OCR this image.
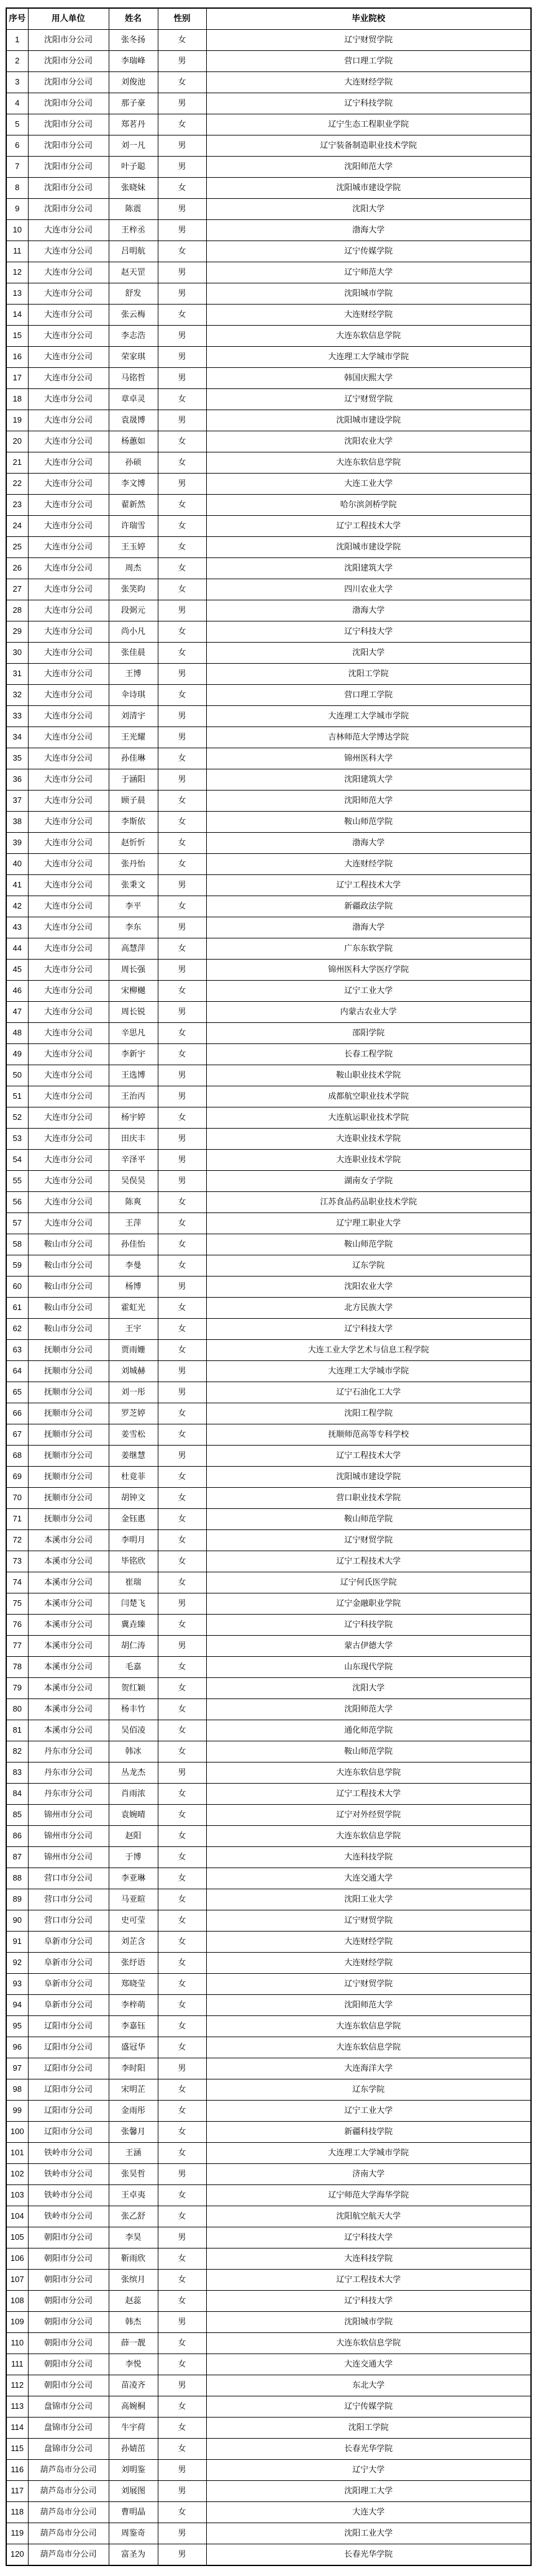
序号	用人单位	姓名	性别	毕业院校
1	沈阳市分公司	张冬扬	女	辽宁财贸学院
2	沈阳市分公司	李瑞峰	男	营口理工学院
3	沈阳市分公司	刘俊池	女	大连财经学院
4	沈阳市分公司	那子豪	男	辽宁科技学院
5	沈阳市分公司	郑茗丹	女	辽宁生态工程职业学院
6	沈阳市分公司	刘一凡	男	辽宁装备制造职业技术学院
7	沈阳市分公司	叶子聪	男	沈阳师范大学
8	沈阳市分公司	张晓妹	女	沈阳城市建设学院
9	沈阳市分公司	陈震	男	沈阳大学
10	大连市分公司	王梓丞	男	渤海大学
11	大连市分公司	吕明航	女	辽宁传媒学院
12	大连市分公司	赵天罡	男	辽宁师范大学
13	大连市分公司	舒发	男	沈阳城市学院
14	大连市分公司	张云梅	女	大连财经学院
15	大连市分公司	李志浩	男	大连东软信息学院
16	大连市分公司	荣家琪	男	大连理工大学城市学院
17	大连市分公司	马铭哲	男	韩国庆熙大学
18	大连市分公司	章卓灵	女	辽宁财贸学院
19	大连市分公司	袁晟博	男	沈阳城市建设学院
20	大连市分公司	杨蕙如	女	沈阳农业大学
21	大连市分公司	孙硕	女	大连东软信息学院
22	大连市分公司	李文博	男	大连工业大学
23	大连市分公司	翟新然	女	哈尔滨剑桥学院
24	大连市分公司	许瑞雪	女	辽宁工程技术大学
25	大连市分公司	王玉婷	女	沈阳城市建设学院
26	大连市分公司	周杰	女	沈阳建筑大学
27	大连市分公司	张笑昀	女	四川农业大学
28	大连市分公司	段弼元	男	渤海大学
29	大连市分公司	尚小凡	女	辽宁科技大学
30	大连市分公司	张佳晨	女	沈阳大学
31	大连市分公司	王博	男	沈阳工学院
32	大连市分公司	伞诗琪	女	营口理工学院
33	大连市分公司	刘清宇	男	大连理工大学城市学院
34	大连市分公司	王光耀	男	吉林师范大学博达学院
35	大连市分公司	孙佳琳	女	锦州医科大学
36	大连市分公司	于涵阳	男	沈阳建筑大学
37	大连市分公司	顾子晨	女	沈阳师范大学
38	大连市分公司	李斯依	女	鞍山师范学院
39	大连市分公司	赵忻忻	女	渤海大学
40	大连市分公司	张丹怡	女	大连财经学院
41	大连市分公司	张秉文	男	辽宁工程技术大学
42	大连市分公司	李平	女	新疆政法学院
43	大连市分公司	李东	男	渤海大学
44	大连市分公司	高慧萍	女	广东东软学院
45	大连市分公司	周长强	男	锦州医科大学医疗学院
46	大连市分公司	宋柳樾	女	辽宁工业大学
47	大连市分公司	周长锐	男	内蒙古农业大学
48	大连市分公司	辛思凡	女	邵阳学院
49	大连市分公司	李新宇	女	长春工程学院
50	大连市分公司	王选博	男	鞍山职业技术学院
51	大连市分公司	王治丙	男	成都航空职业技术学院
52	大连市分公司	杨宇婷	女	大连航运职业技术学院
53	大连市分公司	田庆丰	男	大连职业技术学院
54	大连市分公司	辛泽平	男	大连职业技术学院
55	大连市分公司	吴俣昊	男	湖南女子学院
56	大连市分公司	陈爽	女	江苏食品药品职业技术学院
57	大连市分公司	王萍	女	辽宁理工职业大学
58	鞍山市分公司	孙佳怡	女	鞍山师范学院
59	鞍山市分公司	李曼	女	辽东学院
60	鞍山市分公司	杨博	男	沈阳农业大学
61	鞍山市分公司	霍虹光	女	北方民族大学
62	鞍山市分公司	王宇	女	辽宁科技大学
63	抚顺市分公司	贾雨姗	女	大连工业大学艺术与信息工程学院
64	抚顺市分公司	刘城赫	男	大连理工大学城市学院
65	抚顺市分公司	刘一彤	男	辽宁石油化工大学
66	抚顺市分公司	罗芝婷	女	沈阳工程学院
67	抚顺市分公司	姜雪松	女	抚顺师范高等专科学校
68	抚顺市分公司	姜继慧	男	辽宁工程技术大学
69	抚顺市分公司	杜竟菲	女	沈阳城市建设学院
70	抚顺市分公司	胡钟文	女	营口职业技术学院
71	抚顺市分公司	金钰惠	女	鞍山师范学院
72	本溪市分公司	李明月	女	辽宁财贸学院
73	本溪市分公司	毕铭欣	女	辽宁工程技术大学
74	本溪市分公司	崔瑞	女	辽宁何氏医学院
75	本溪市分公司	闫楚飞	男	辽宁金融职业学院
76	本溪市分公司	冀垚臻	女	辽宁科技学院
77	本溪市分公司	胡仁涛	男	蒙古伊德大学
78	本溪市分公司	毛嘉	女	山东现代学院
79	本溪市分公司	贺红颖	女	沈阳大学
80	本溪市分公司	杨丰竹	女	沈阳师范大学
81	本溪市分公司	吴佰凌	女	通化师范学院
82	丹东市分公司	韩冰	女	鞍山师范学院
83	丹东市分公司	丛龙杰	男	大连东软信息学院
84	丹东市分公司	肖雨浓	女	辽宁工程技术大学
85	锦州市分公司	袁婉晴	女	辽宁对外经贸学院
86	锦州市分公司	赵阳	女	大连东软信息学院
87	锦州市分公司	于博	女	大连科技学院
88	营口市分公司	李亚琳	女	大连交通大学
89	营口市分公司	马亚暄	女	沈阳工业大学
90	营口市分公司	史可莹	女	辽宁财贸学院
91	阜新市分公司	刘芷含	女	大连财经学院
92	阜新市分公司	张纾语	女	大连财经学院
93	阜新市分公司	郑晓莹	女	辽宁财贸学院
94	阜新市分公司	李梓萌	女	沈阳师范大学
95	辽阳市分公司	李嘉钰	女	大连东软信息学院
96	辽阳市分公司	盛冠华	女	大连东软信息学院
97	辽阳市分公司	李时阳	男	大连海洋大学
98	辽阳市分公司	宋明芷	女	辽东学院
99	辽阳市分公司	金雨彤	女	辽宁工业大学
100	辽阳市分公司	张馨月	女	新疆科技学院
101	铁岭市分公司	王涵	女	大连理工大学城市学院
102	铁岭市分公司	张昊哲	男	济南大学
103	铁岭市分公司	王卓夷	女	辽宁师范大学海华学院
104	铁岭市分公司	张乙舒	女	沈阳航空航天大学
105	朝阳市分公司	李昊	男	辽宁科技大学
106	朝阳市分公司	靳雨欣	女	大连科技学院
107	朝阳市分公司	张缤月	女	辽宁工程技术大学
108	朝阳市分公司	赵蕊	女	辽宁科技大学
109	朝阳市分公司	韩杰	男	沈阳城市学院
110	朝阳市分公司	薛一靓	女	大连东软信息学院
111	朝阳市分公司	李悦	女	大连交通大学
112	朝阳市分公司	苗凌齐	男	东北大学
113	盘锦市分公司	高婉桐	女	辽宁传媒学院
114	盘锦市分公司	牛宇荷	女	沈阳工学院
115	盘锦市分公司	孙婧茁	女	长春光华学院
116	葫芦岛市分公司	刘明鉴	男	辽宁大学
117	葫芦岛市分公司	刘展图	男	沈阳理工大学
118	葫芦岛市分公司	曹明晶	女	大连大学
119	葫芦岛市分公司	周鉴奇	男	沈阳工业大学
120	葫芦岛市分公司	富圣为	男	长春光华学院
